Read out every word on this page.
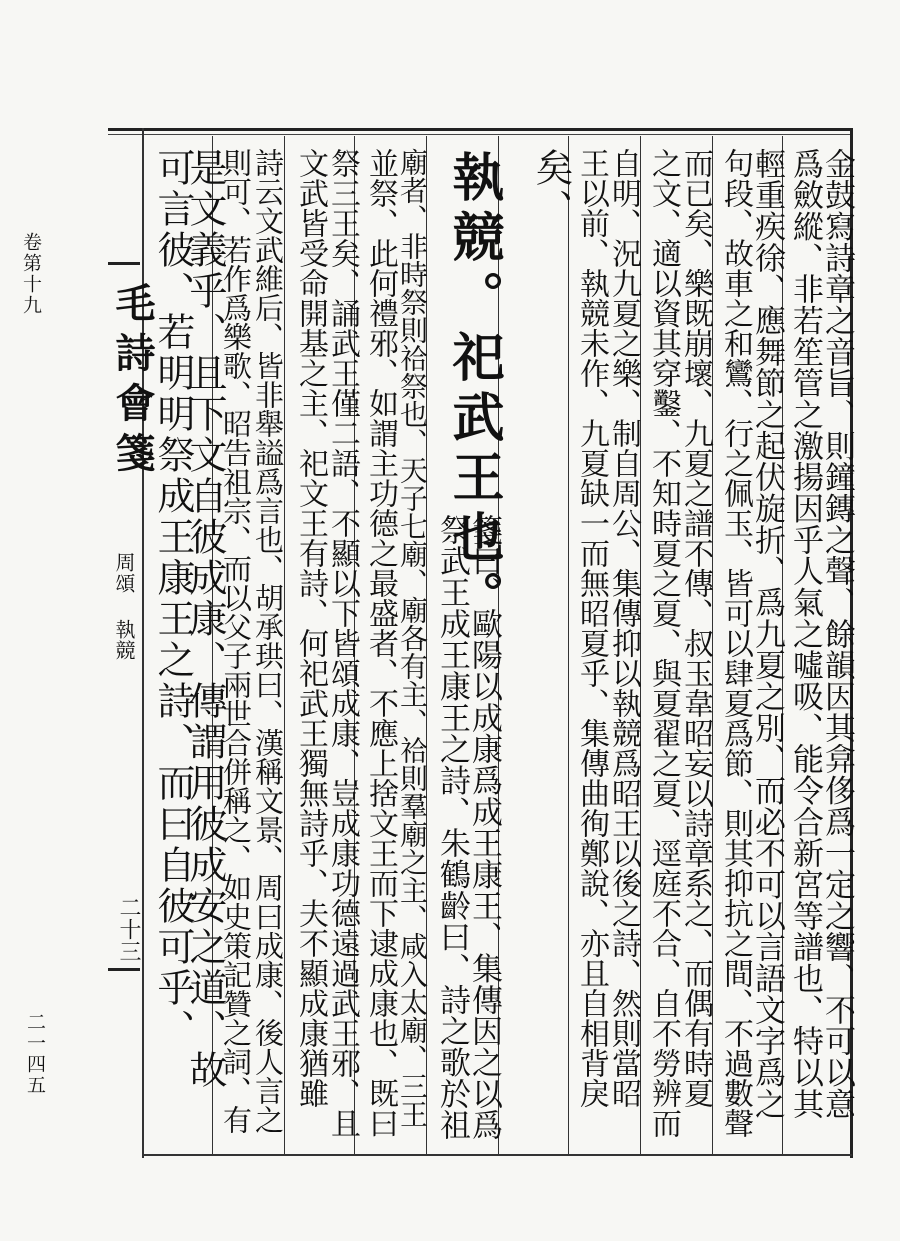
卷第十九
二一四五
毛詩會箋
周頌 執競
二十三	金鼓寫詩章之音旨、則鐘鏄之聲、餘韻因其弇侈爲一定之響、不可以意
爲斂縱、非若笙管之激揚因乎人氣之噓吸、能令合新宮等譜也、特以其
輕重疾徐、應舞節之起伏旋折、爲九夏之別、而必不可以言語文字爲之
句段、故車之和鸞、行之佩玉、皆可以肆夏爲節、則其抑抗之間、不過數聲
而已矣、樂既崩壞、九夏之譜不傳、叔玉韋昭妄以詩章系之、而偶有時夏
之文、適以資其穿鑿、不知時夏之夏、與夏翟之夏、逕庭不合、自不勞辨而
自明、況九夏之樂、制自周公、集傳抑以執競爲昭王以後之詩、然則當昭
王以前、執競未作、九夏缺一而無昭夏乎、集傳曲徇鄭說、亦且自相背戾
矣、
執競。祀武王也。
箋曰、歐陽以成康爲成王康王、集傳因之以爲
祭武王成王康王之詩、朱鶴齡曰、詩之歌於祖
廟者、非時祭則祫祭也、天子七廟、廟各有主、祫則羣廟之主、咸入太廟、三王
並祭、此何禮邪、如謂主功德之最盛者、不應上捨文王而下逮成康也、既曰
祭三王矣、誦武王僅二語、不顯以下皆頌成康、豈成康功德遠過武王邪、且
文武皆受命開基之主、祀文王有詩、何祀武王獨無詩乎、夫不顯成康猶雖
詩云文武維后、皆非舉謚爲言也、胡承珙曰、漢稱文景、周曰成康、後人言之
則可、若作爲樂歌、昭告祖宗、而以父子兩世合併稱之、如史策記贊之詞、有
是文義乎、且下文自彼成康、傳謂用彼成安之道、故
可言彼、若明明祭成王康王之詩、而曰自彼可乎、
